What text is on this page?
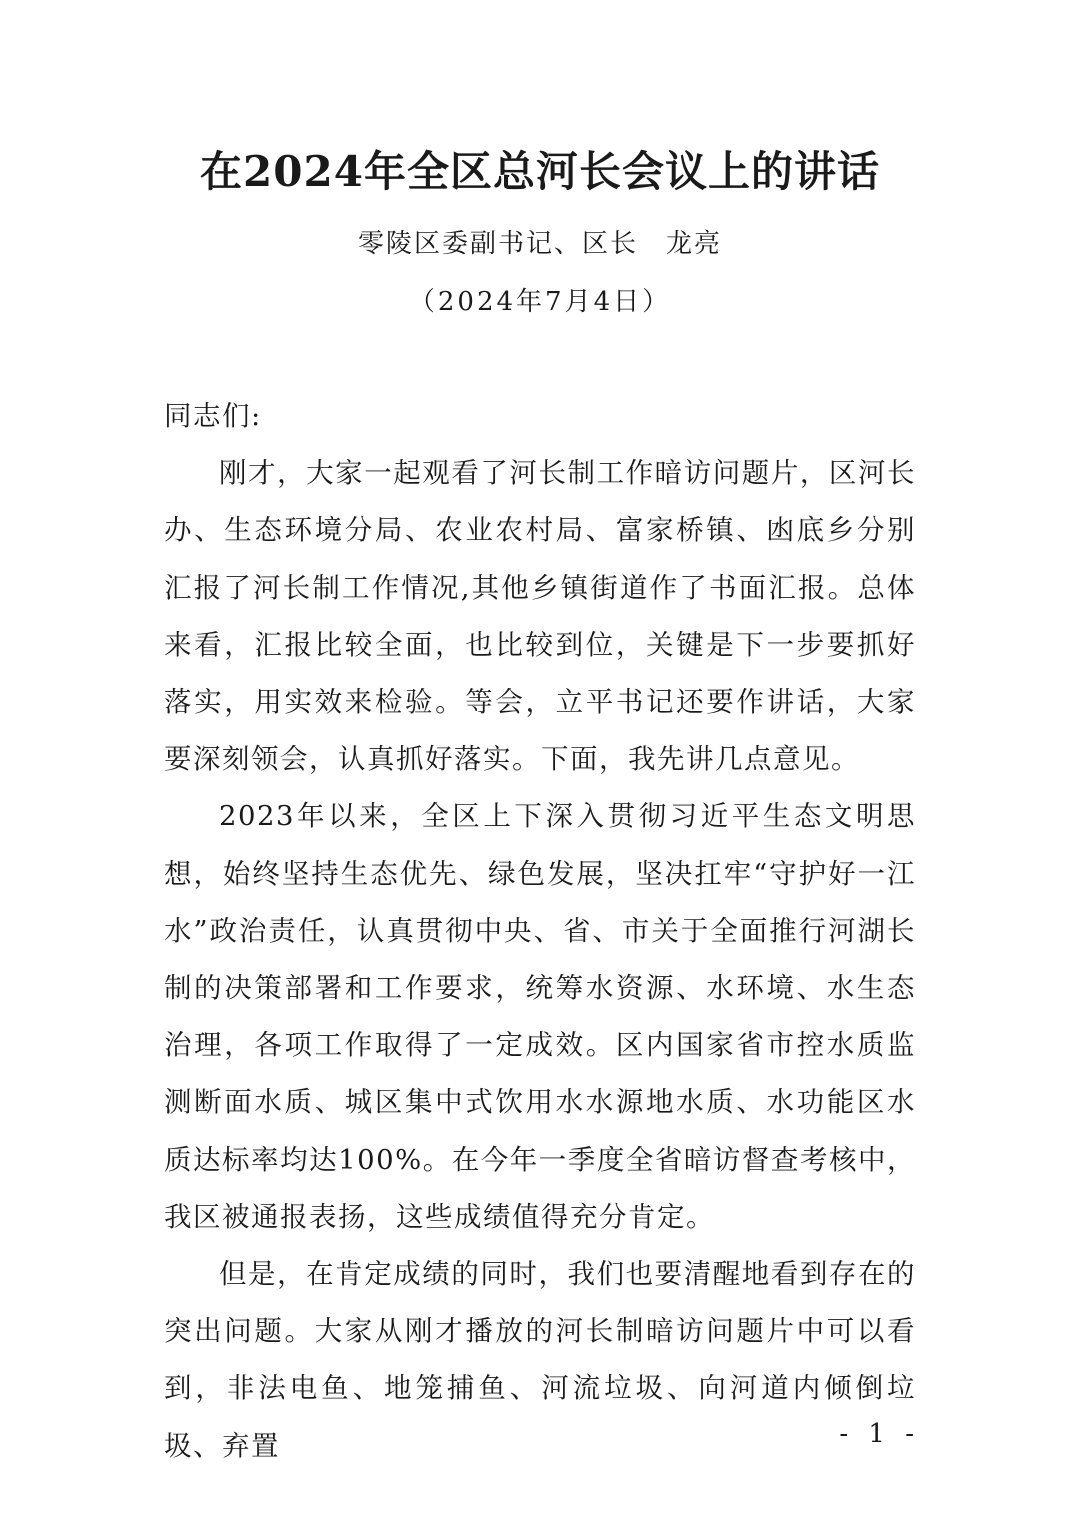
在2024年全区总河长会议上的讲话
零陵区委副书记、区长 龙亮
（2024年7月4日）

同志们:

刚才，大家一起观看了河长制工作暗访问题片，区河长办、生态环境分局、农业农村局、富家桥镇、凼底乡分别汇报了河长制工作情况,其他乡镇街道作了书面汇报。总体来看，汇报比较全面，也比较到位，关键是下一步要抓好落实，用实效来检验。等会，立平书记还要作讲话，大家要深刻领会，认真抓好落实。下面，我先讲几点意见。

2023年以来，全区上下深入贯彻习近平生态文明思想，始终坚持生态优先、绿色发展，坚决扛牢“守护好一江水”政治责任，认真贯彻中央、省、市关于全面推行河湖长制的决策部署和工作要求，统筹水资源、水环境、水生态治理，各项工作取得了一定成效。区内国家省市控水质监测断面水质、城区集中式饮用水水源地水质、水功能区水质达标率均达100%。在今年一季度全省暗访督查考核中，我区被通报表扬，这些成绩值得充分肯定。

但是，在肯定成绩的同时，我们也要清醒地看到存在的突出问题。大家从刚才播放的河长制暗访问题片中可以看到，非法电鱼、地笼捕鱼、河流垃圾、向河道内倾倒垃圾、弃置	- 1 -
